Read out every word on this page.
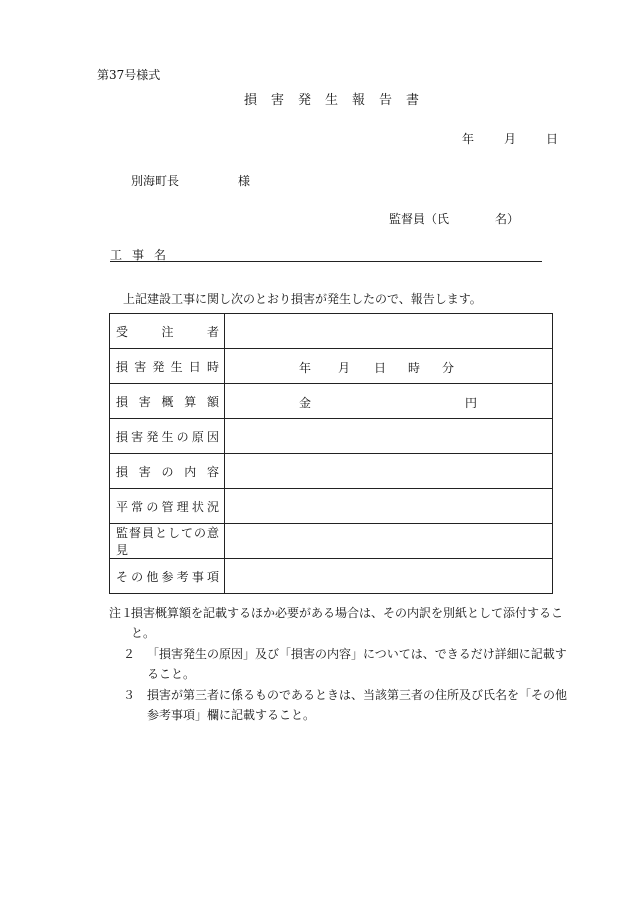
第37号様式
損害発生報告書
年	月	日
別海町長	様
監督員（氏	名）
工事名
上記建設工事に関し次のとおり損害が発生したので、報告します。
受注者	

損害発生日時	年 月 日 時 分

損害概算額	金 円

損害発生の原因	

損害の内容	

平常の管理状況	

監督員としての意見	

その他参考事項	

注１
損害概算額を記載するほか必要がある場合は、その内訳を別紙として添付すること。
２ 「損害発生の原因」及び「損害の内容」については、できるだけ詳細に記載すること。
３ 損害が第三者に係るものであるときは、当該第三者の住所及び氏名を「その他参考事項」欄に記載すること。
